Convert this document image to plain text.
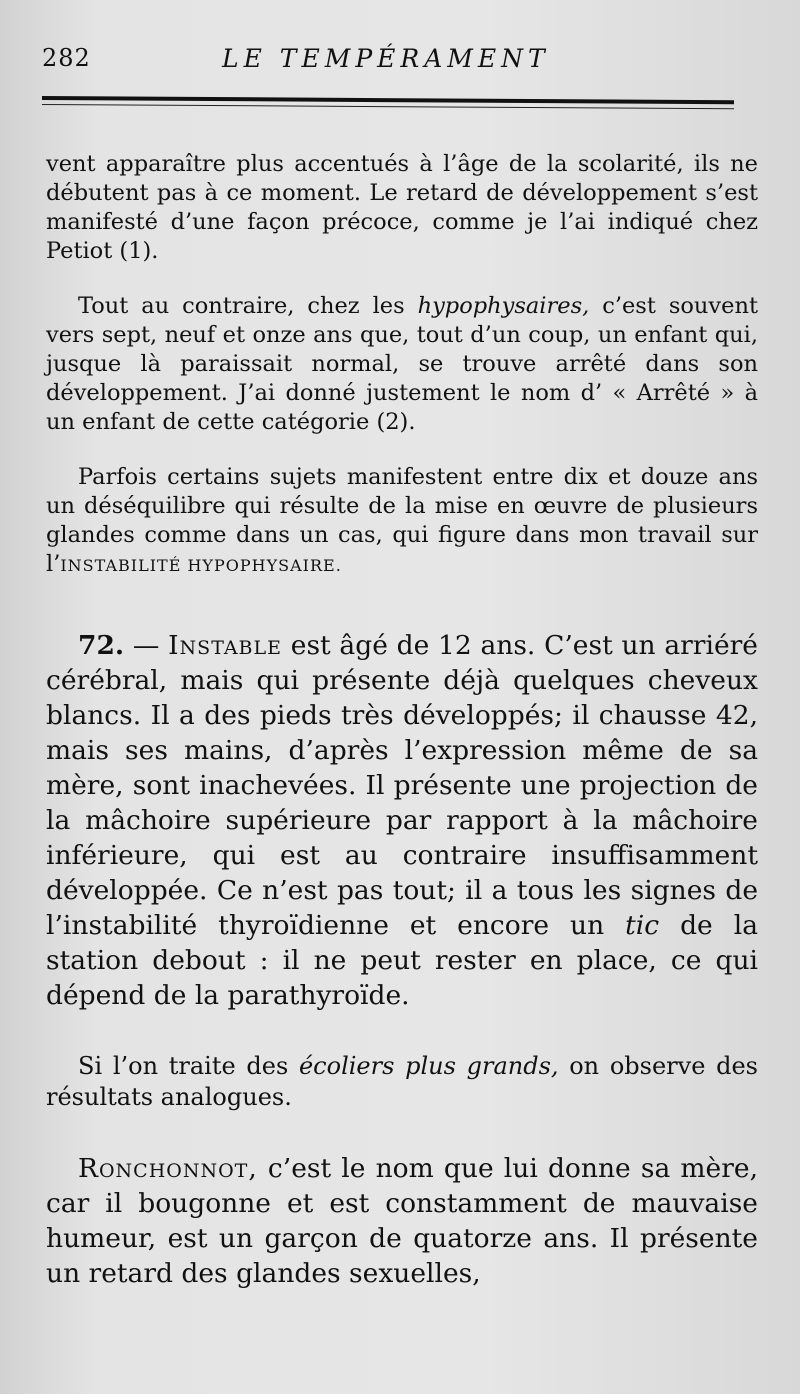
282	LE TEMPÉRAMENT

vent apparaître plus accentués à l’âge de la scolarité, ils ne débutent pas à ce moment. Le retard de développement s’est manifesté d’une façon précoce, comme je l’ai indiqué chez Petiot (1).

Tout au contraire, chez les hypophysaires, c’est souvent vers sept, neuf et onze ans que, tout d’un coup, un enfant qui, jusque là paraissait normal, se trouve arrêté dans son développement. J’ai donné justement le nom d’ « Arrêté » à un enfant de cette catégorie (2).

Parfois certains sujets manifestent entre dix et douze ans un déséquilibre qui résulte de la mise en œuvre de plusieurs glandes comme dans un cas, qui figure dans mon travail sur l’INSTABILITÉ HYPOPHYSAIRE.

72. — Instable est âgé de 12 ans. C’est un arriéré cérébral, mais qui présente déjà quelques cheveux blancs. Il a des pieds très développés; il chausse 42, mais ses mains, d’après l’expression même de sa mère, sont inachevées. Il présente une projection de la mâchoire supérieure par rapport à la mâchoire inférieure, qui est au contraire insuffisamment développée. Ce n’est pas tout; il a tous les signes de l’instabilité thyroïdienne et encore un tic de la station debout : il ne peut rester en place, ce qui dépend de la parathyroïde.

Si l’on traite des écoliers plus grands, on observe des résultats analogues.

Ronchonnot, c’est le nom que lui donne sa mère, car il bougonne et est constamment de mauvaise humeur, est un garçon de quatorze ans. Il présente un retard des glandes sexuelles,
